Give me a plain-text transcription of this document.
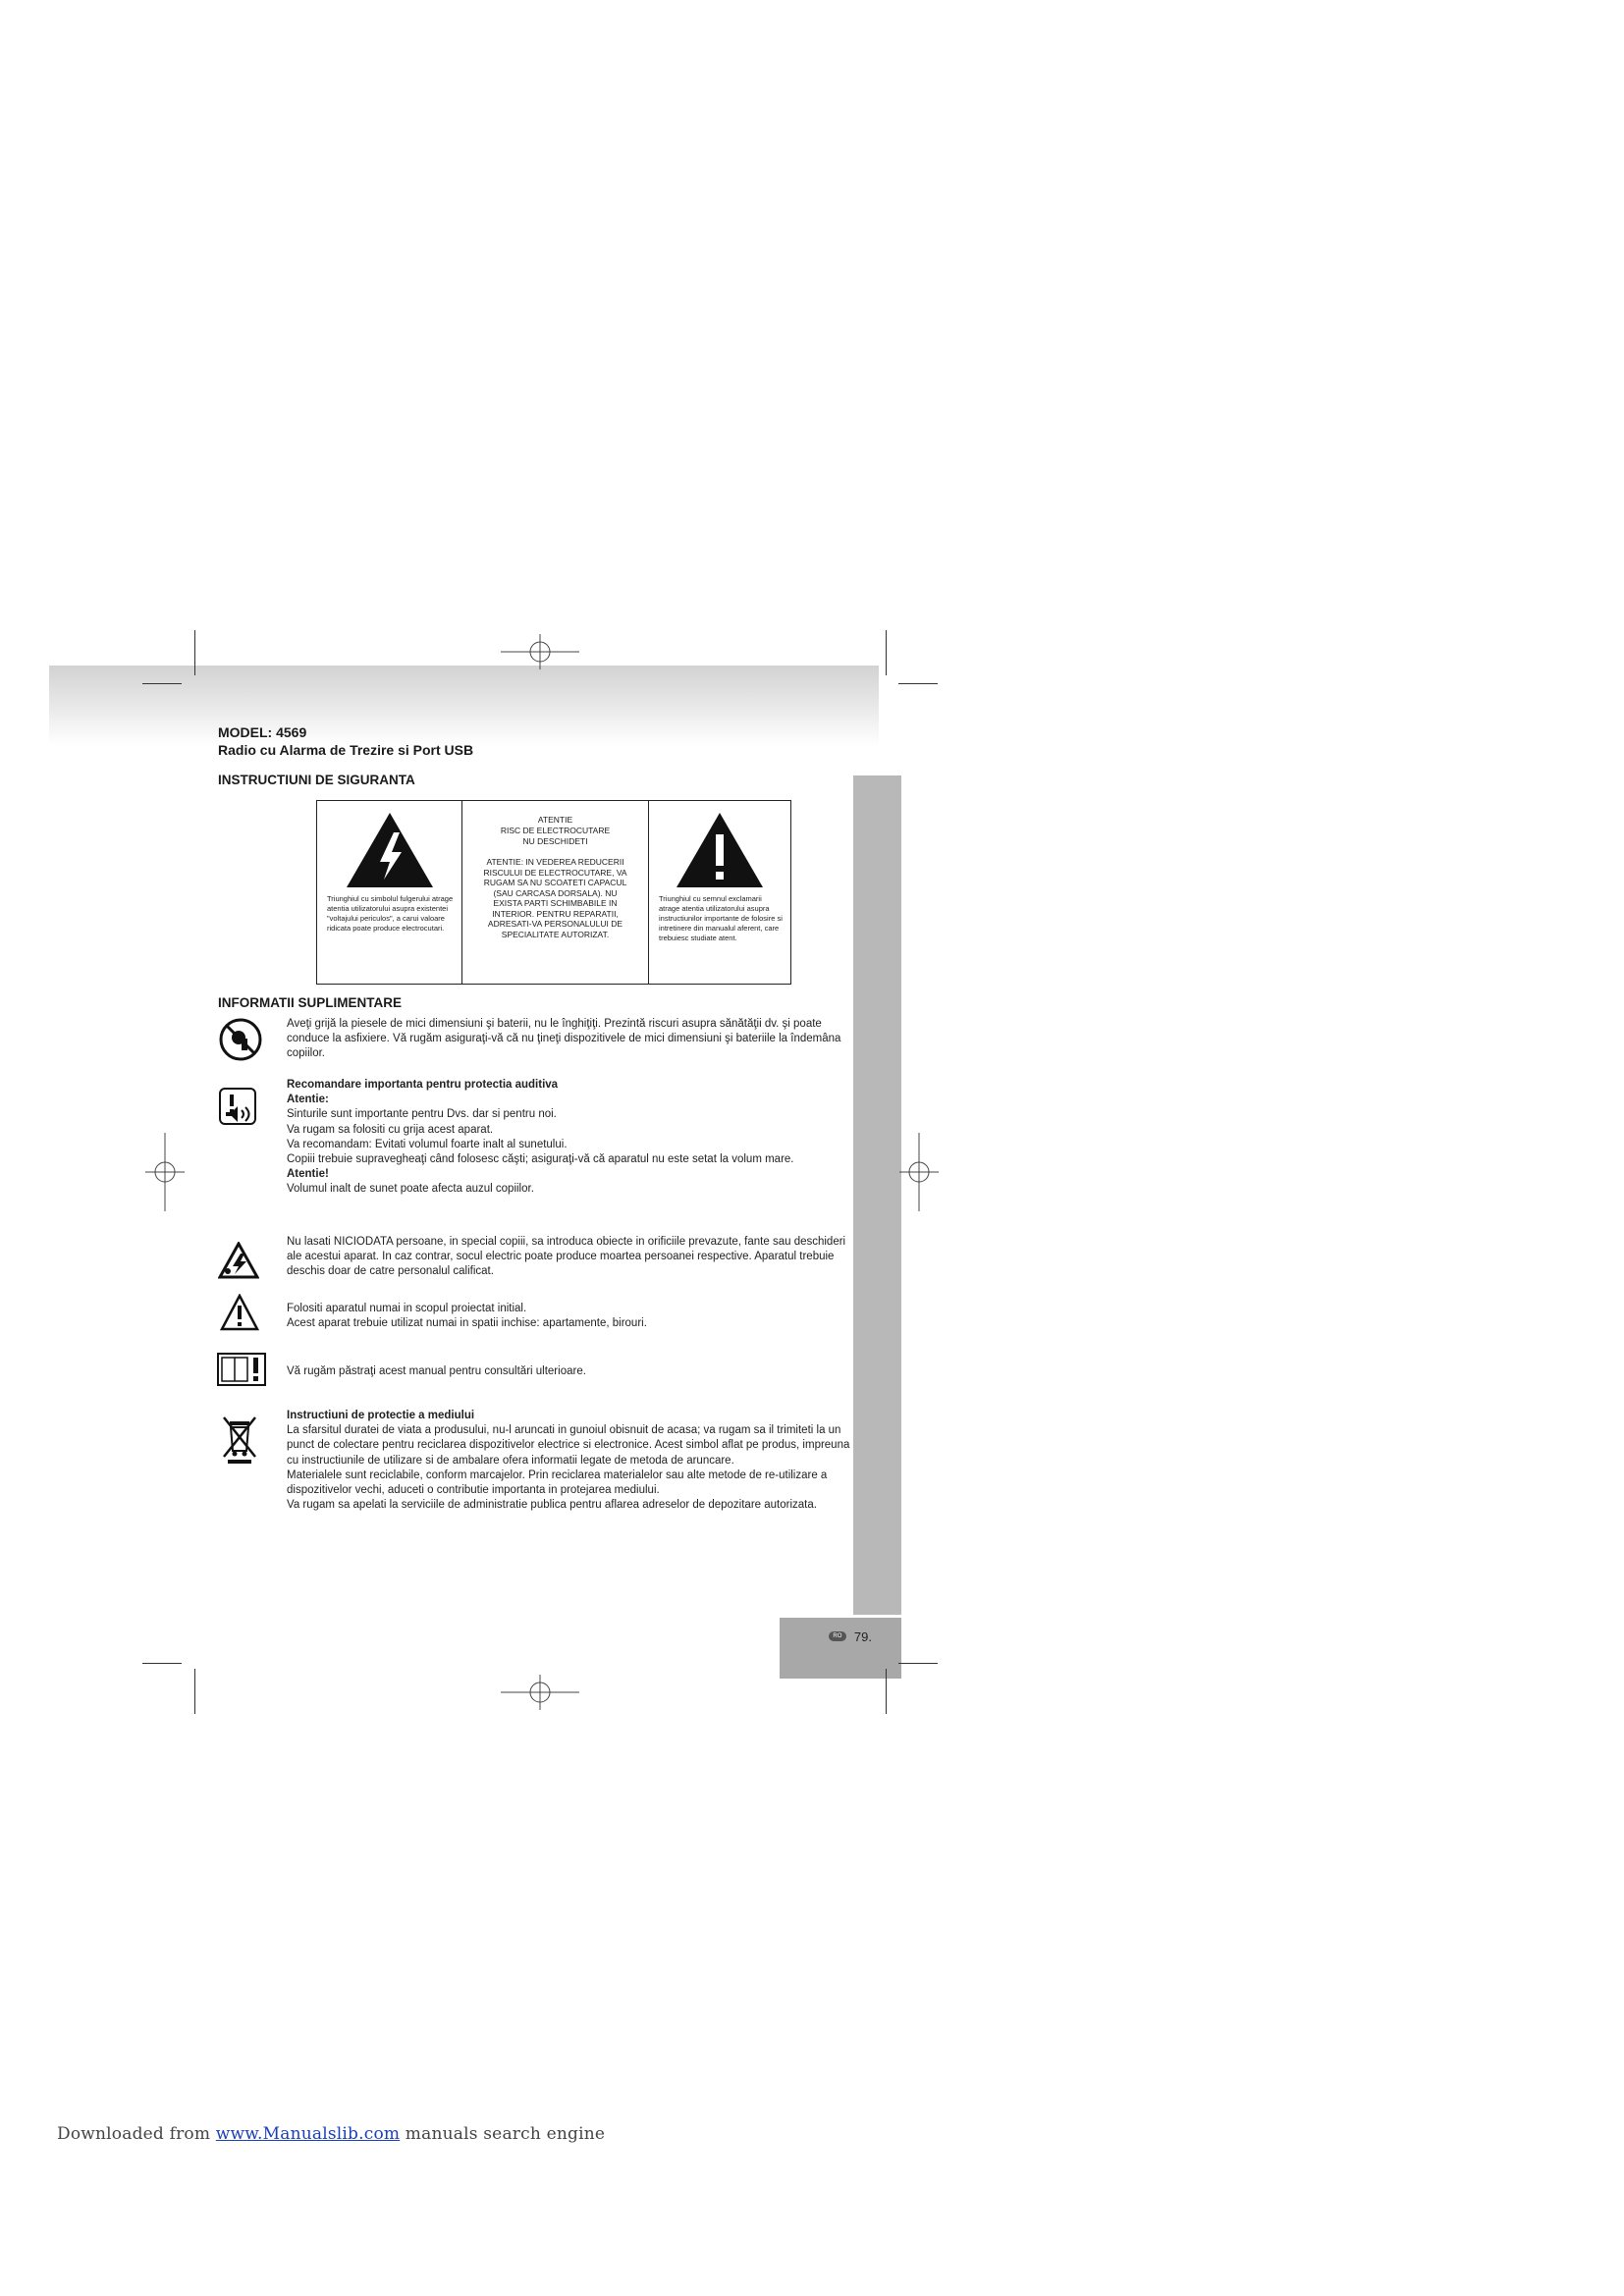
RO 79.
MODEL: 4569
Radio cu Alarma de Trezire si Port USB
INSTRUCTIUNI DE SIGURANTA
Triunghiul cu simbolul fulgerului atrage atentia utilizatorului asupra existentei "voltajului periculos", a carui valoare ridicata poate produce electrocutari.
ATENTIE
RISC DE ELECTROCUTARE
NU DESCHIDETI
ATENTIE: IN VEDEREA REDUCERII
RISCULUI DE ELECTROCUTARE, VA
RUGAM SA NU SCOATETI CAPACUL
(SAU CARCASA DORSALA). NU
EXISTA PARTI SCHIMBABILE IN
INTERIOR. PENTRU REPARATII,
ADRESATI-VA PERSONALULUI DE
SPECIALITATE AUTORIZAT.
Triunghiul cu semnul exclamarii atrage atentia utilizatorului asupra instructiunilor importante de folosire si intretinere din manualul aferent, care trebuiesc studiate atent.
INFORMATII SUPLIMENTARE
Aveţi grijă la piesele de mici dimensiuni şi baterii, nu le înghiţiţi. Prezintă riscuri asupra sănătăţii dv. şi poate conduce la asfixiere. Vă rugăm asiguraţi-vă că nu ţineţi dispozitivele de mici dimensiuni şi bateriile la îndemâna copiilor.
Recomandare importanta pentru protectia auditiva
Atentie:
Sinturile sunt importante pentru Dvs. dar si pentru noi.
Va rugam sa folositi cu grija acest aparat.
Va recomandam: Evitati volumul foarte inalt al sunetului.
Copiii trebuie supravegheaţi când folosesc căşti; asiguraţi-vă că aparatul nu este setat la volum mare.
Atentie!
Volumul inalt de sunet poate afecta auzul copiilor.
Nu lasati NICIODATA persoane, in special copiii, sa introduca obiecte in orificiile prevazute, fante sau deschideri ale acestui aparat. In caz contrar, socul electric poate produce moartea persoanei respective. Aparatul trebuie deschis doar de catre personalul calificat.
Folositi aparatul numai in scopul proiectat initial.
Acest aparat trebuie utilizat numai in spatii inchise: apartamente, birouri.
Vă rugăm păstraţi acest manual pentru consultări ulterioare.
Instructiuni de protectie a mediului
La sfarsitul duratei de viata a produsului, nu-l aruncati in gunoiul obisnuit de acasa; va rugam sa il trimiteti la un punct de colectare pentru reciclarea dispozitivelor electrice si electronice. Acest simbol aflat pe produs, impreuna cu instructiunile de utilizare si de ambalare ofera informatii legate de metoda de aruncare.
Materialele sunt reciclabile, conform marcajelor. Prin reciclarea materialelor sau alte metode de re-utilizare a dispozitivelor vechi, aduceti o contributie importanta in protejarea mediului.
Va rugam sa apelati la serviciile de administratie publica pentru aflarea adreselor de depozitare autorizata.
Downloaded from www.Manualslib.com manuals search engine
